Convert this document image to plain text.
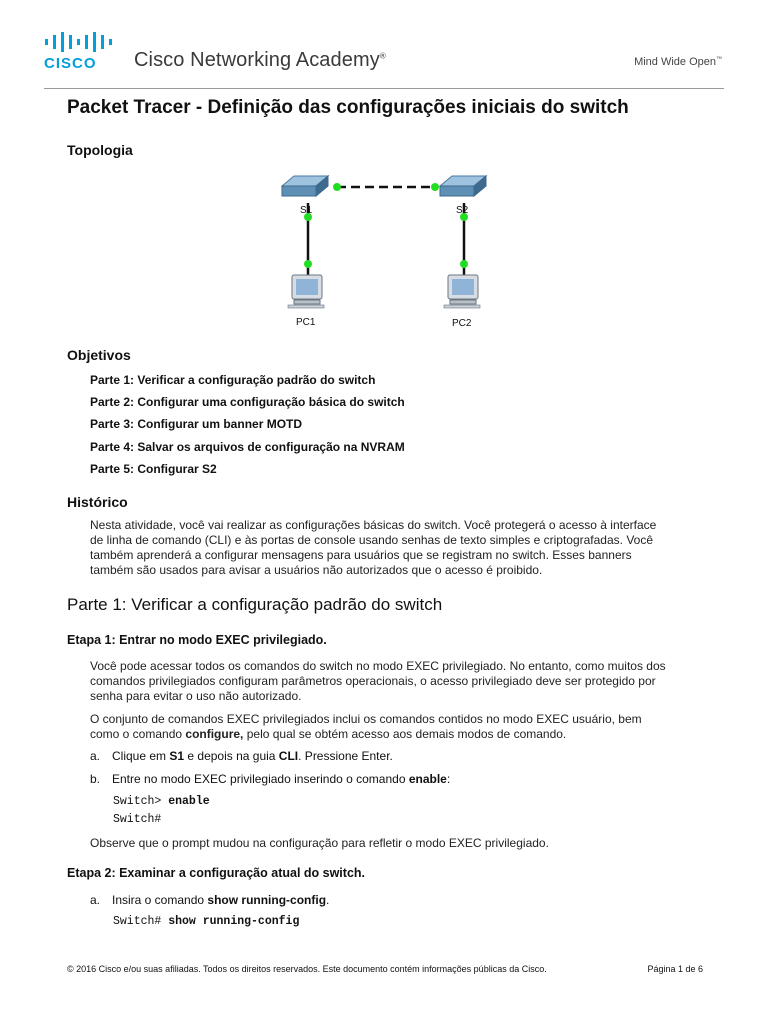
CISCO Cisco Networking Academy®
Mind Wide Open™
Packet Tracer - Definição das configurações iniciais do switch
Topologia
S1	S2
PC1	PC2
Objetivos
Parte 1: Verificar a configuração padrão do switch
Parte 2: Configurar uma configuração básica do switch
Parte 3: Configurar um banner MOTD
Parte 4: Salvar os arquivos de configuração na NVRAM
Parte 5: Configurar S2
Histórico
Nesta atividade, você vai realizar as configurações básicas do switch. Você protegerá o acesso à interface
de linha de comando (CLI) e às portas de console usando senhas de texto simples e criptografadas. Você
também aprenderá a configurar mensagens para usuários que se registram no switch. Esses banners
também são usados para avisar a usuários não autorizados que o acesso é proibido.
Parte 1: Verificar a configuração padrão do switch
Etapa 1: Entrar no modo EXEC privilegiado.
Você pode acessar todos os comandos do switch no modo EXEC privilegiado. No entanto, como muitos dos
comandos privilegiados configuram parâmetros operacionais, o acesso privilegiado deve ser protegido por
senha para evitar o uso não autorizado.
O conjunto de comandos EXEC privilegiados inclui os comandos contidos no modo EXEC usuário, bem
como o comando configure, pelo qual se obtém acesso aos demais modos de comando.
a. Clique em S1 e depois na guia CLI. Pressione Enter.
b. Entre no modo EXEC privilegiado inserindo o comando enable:
Switch> enable
Switch#
Observe que o prompt mudou na configuração para refletir o modo EXEC privilegiado.
Etapa 2: Examinar a configuração atual do switch.
a. Insira o comando show running-config.
Switch# show running-config
© 2016 Cisco e/ou suas afiliadas. Todos os direitos reservados. Este documento contém informações públicas da Cisco.	Página 1 de 6
